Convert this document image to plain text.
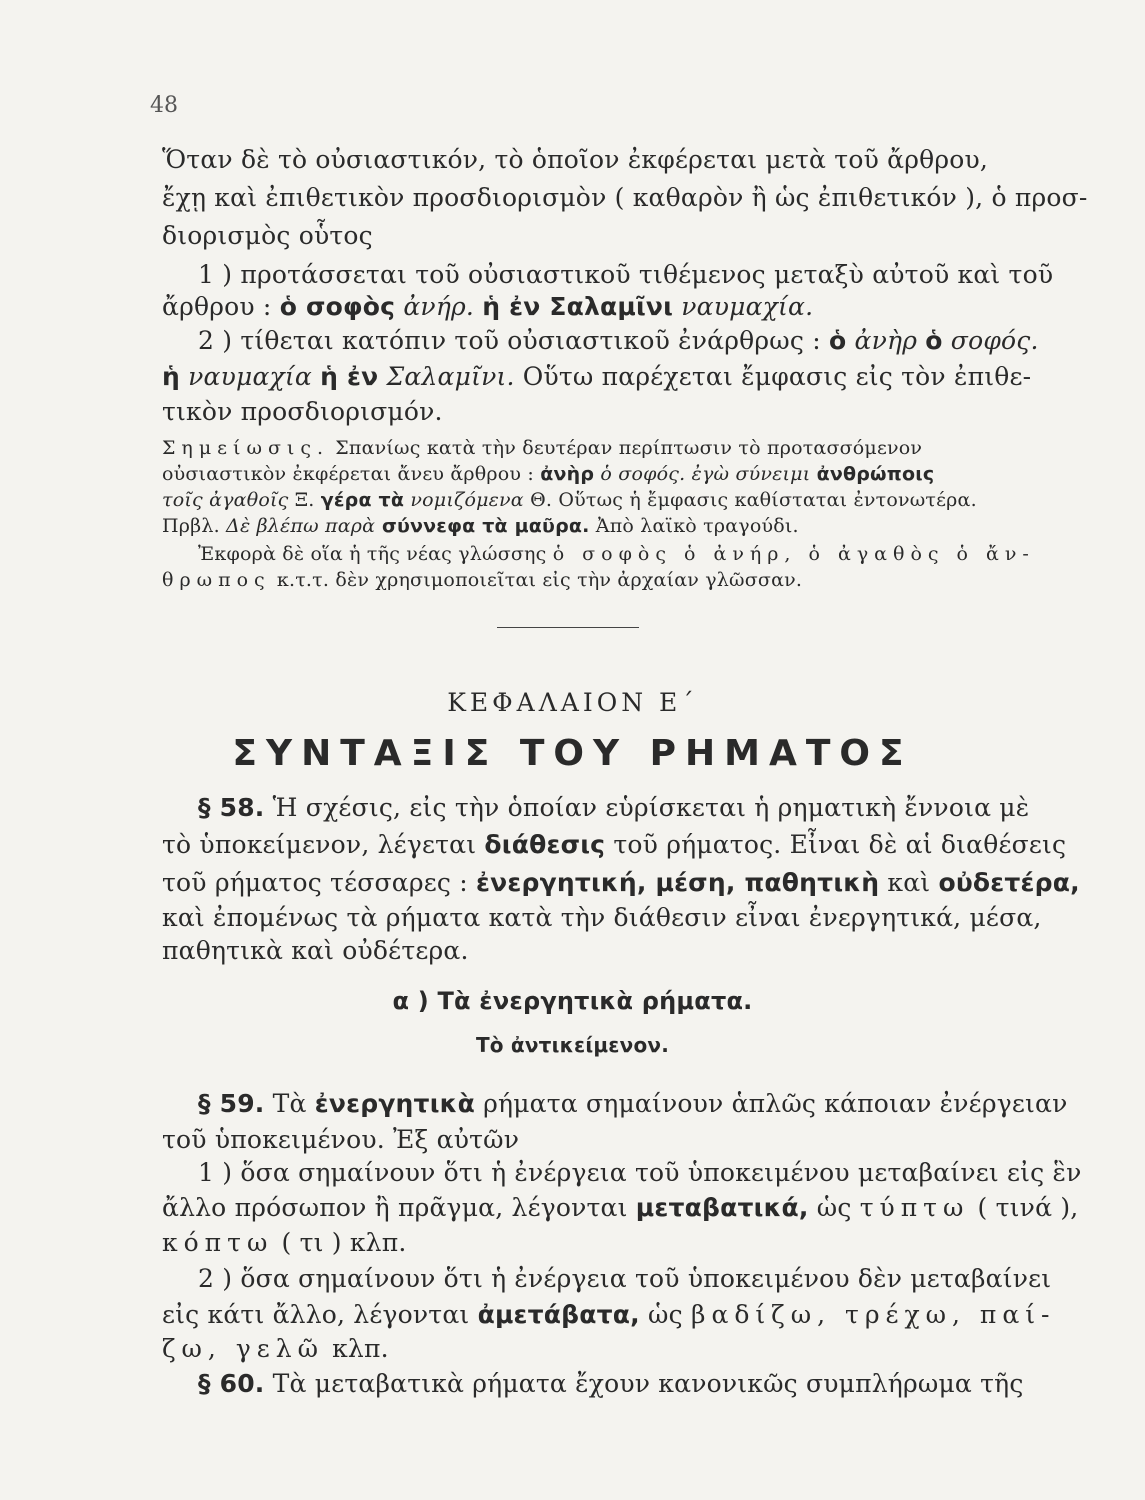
48
Ὅταν δὲ τὸ οὐσιαστικόν, τὸ ὁποῖον ἐκφέρεται μετὰ τοῦ ἄρθρου,
ἔχῃ καὶ ἐπιθετικὸν προσδιορισμὸν ( καθαρὸν ἢ ὡς ἐπιθετικόν ), ὁ προσ-
διορισμὸς οὗτος
1 ) προτάσσεται τοῦ οὐσιαστικοῦ τιθέμενος μεταξὺ αὐτοῦ καὶ τοῦ
ἄρθρου : ὁ σοφὸς ἀνήρ. ἡ ἐν Σαλαμῖνι ναυμαχία.
2 ) τίθεται κατόπιν τοῦ οὐσιαστικοῦ ἐνάρθρως : ὁ ἀνὴρ ὁ σοφός.
ἡ ναυμαχία ἡ ἐν Σαλαμῖνι. Οὕτω παρέχεται ἔμφασις εἰς τὸν ἐπιθε-
τικὸν προσδιορισμόν.
Σημείωσις. Σπανίως κατὰ τὴν δευτέραν περίπτωσιν τὸ προτασσόμενον
οὐσιαστικὸν ἐκφέρεται ἄνευ ἄρθρου : ἀνὴρ ὁ σοφός. ἐγὼ σύνειμι ἀνθρώποις
τοῖς ἀγαθοῖς Ξ. γέρα τὰ νομιζόμενα Θ. Οὕτως ἡ ἔμφασις καθίσταται ἐντονωτέρα.
Πρβλ. Δὲ βλέπω παρὰ σύννεφα τὰ μαῦρα. Ἀπὸ λαϊκὸ τραγούδι.
Ἐκφορὰ δὲ οἵα ἡ τῆς νέας γλώσσης ὁ σοφὸς ὁ ἀνήρ, ὁ ἀγαθὸς ὁ ἄν-
θρωπος κ.τ.τ. δὲν χρησιμοποιεῖται εἰς τὴν ἀρχαίαν γλῶσσαν.
ΚΕΦΑΛΑΙΟΝ Ε΄
ΣΥΝΤΑΞΙΣ ΤΟΥ ΡΗΜΑΤΟΣ
§ 58. Ἡ σχέσις, εἰς τὴν ὁποίαν εὑρίσκεται ἡ ρηματικὴ ἔννοια μὲ
τὸ ὑποκείμενον, λέγεται διάθεσις τοῦ ρήματος. Εἶναι δὲ αἱ διαθέσεις
τοῦ ρήματος τέσσαρες : ἐνεργητική, μέση, παθητικὴ καὶ οὐδετέρα,
καὶ ἐπομένως τὰ ρήματα κατὰ τὴν διάθεσιν εἶναι ἐνεργητικά, μέσα,
παθητικὰ καὶ οὐδέτερα.
α ) Τὰ ἐνεργητικὰ ρήματα.
Τὸ ἀντικείμενον.
§ 59. Τὰ ἐνεργητικὰ ρήματα σημαίνουν ἁπλῶς κάποιαν ἐνέργειαν
τοῦ ὑποκειμένου. Ἐξ αὐτῶν
1 ) ὅσα σημαίνουν ὅτι ἡ ἐνέργεια τοῦ ὑποκειμένου μεταβαίνει εἰς ἓν
ἄλλο πρόσωπον ἢ πρᾶγμα, λέγονται μεταβατικά, ὡς τύπτω ( τινά ),
κόπτω ( τι ) κλπ.
2 ) ὅσα σημαίνουν ὅτι ἡ ἐνέργεια τοῦ ὑποκειμένου δὲν μεταβαίνει
εἰς κάτι ἄλλο, λέγονται ἀμετάβατα, ὡς βαδίζω, τρέχω, παί-
ζω, γελῶ κλπ.
§ 60. Τὰ μεταβατικὰ ρήματα ἔχουν κανονικῶς συμπλήρωμα τῆς
